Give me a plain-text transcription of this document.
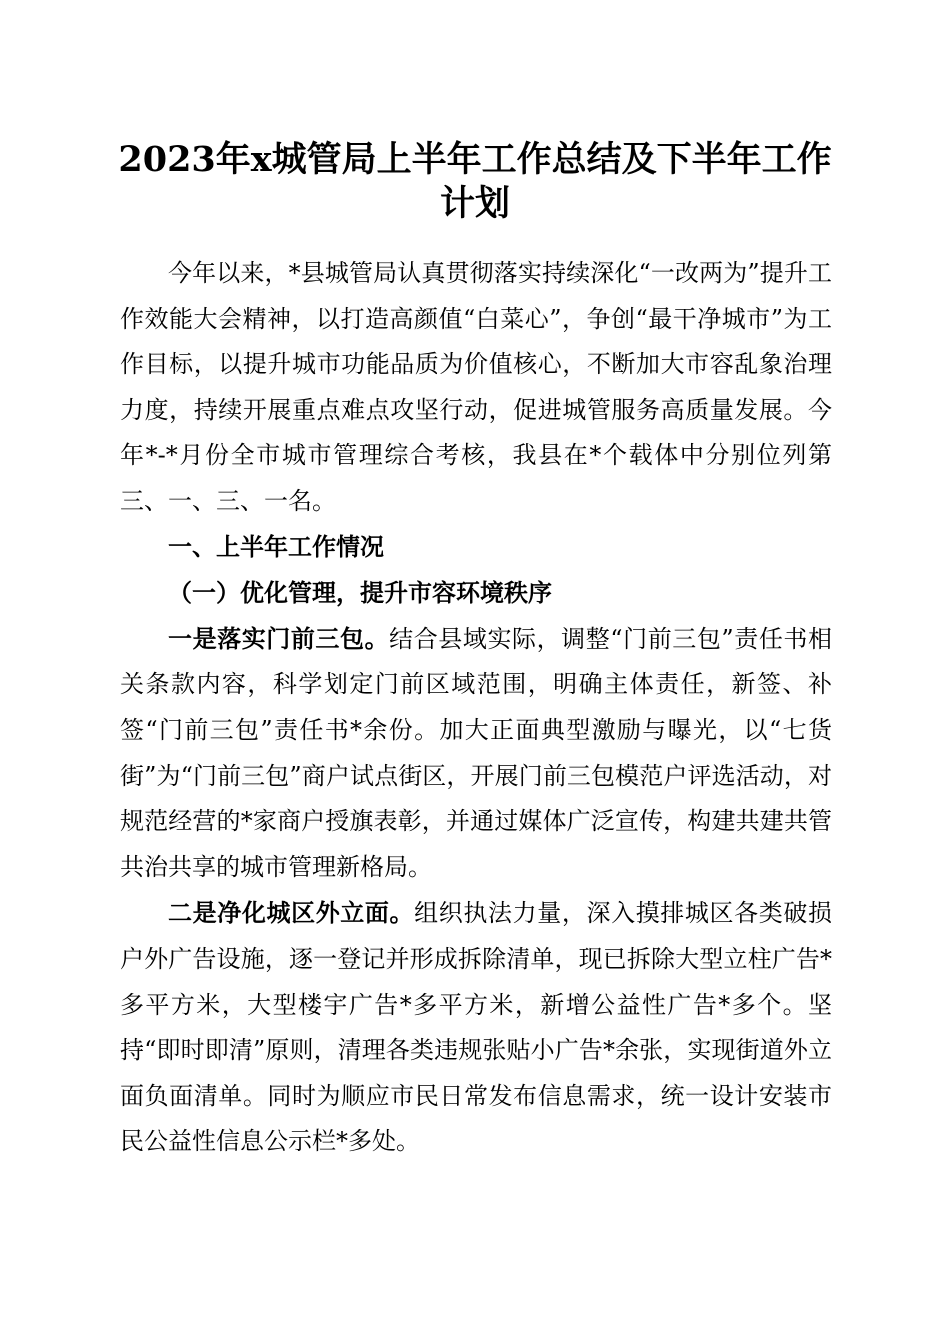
2023年x城管局上半年工作总结及下半年工作
计划

今年以来，*县城管局认真贯彻落实持续深化“一改两为”提升工作效能大会精神，以打造高颜值“白菜心”，争创“最干净城市”为工作目标，以提升城市功能品质为价值核心，不断加大市容乱象治理力度，持续开展重点难点攻坚行动，促进城管服务高质量发展。今年*-*月份全市城市管理综合考核，我县在*个载体中分别位列第三、一、三、一名。

一、上半年工作情况

（一）优化管理，提升市容环境秩序

一是落实门前三包。结合县域实际，调整“门前三包”责任书相关条款内容，科学划定门前区域范围，明确主体责任，新签、补签“门前三包”责任书*余份。加大正面典型激励与曝光，以“七货街”为“门前三包”商户试点街区，开展门前三包模范户评选活动，对规范经营的*家商户授旗表彰，并通过媒体广泛宣传，构建共建共管共治共享的城市管理新格局。

二是净化城区外立面。组织执法力量，深入摸排城区各类破损户外广告设施，逐一登记并形成拆除清单，现已拆除大型立柱广告*多平方米，大型楼宇广告*多平方米，新增公益性广告*多个。坚持“即时即清”原则，清理各类违规张贴小广告*余张，实现街道外立面负面清单。同时为顺应市民日常发布信息需求，统一设计安装市民公益性信息公示栏*多处。
